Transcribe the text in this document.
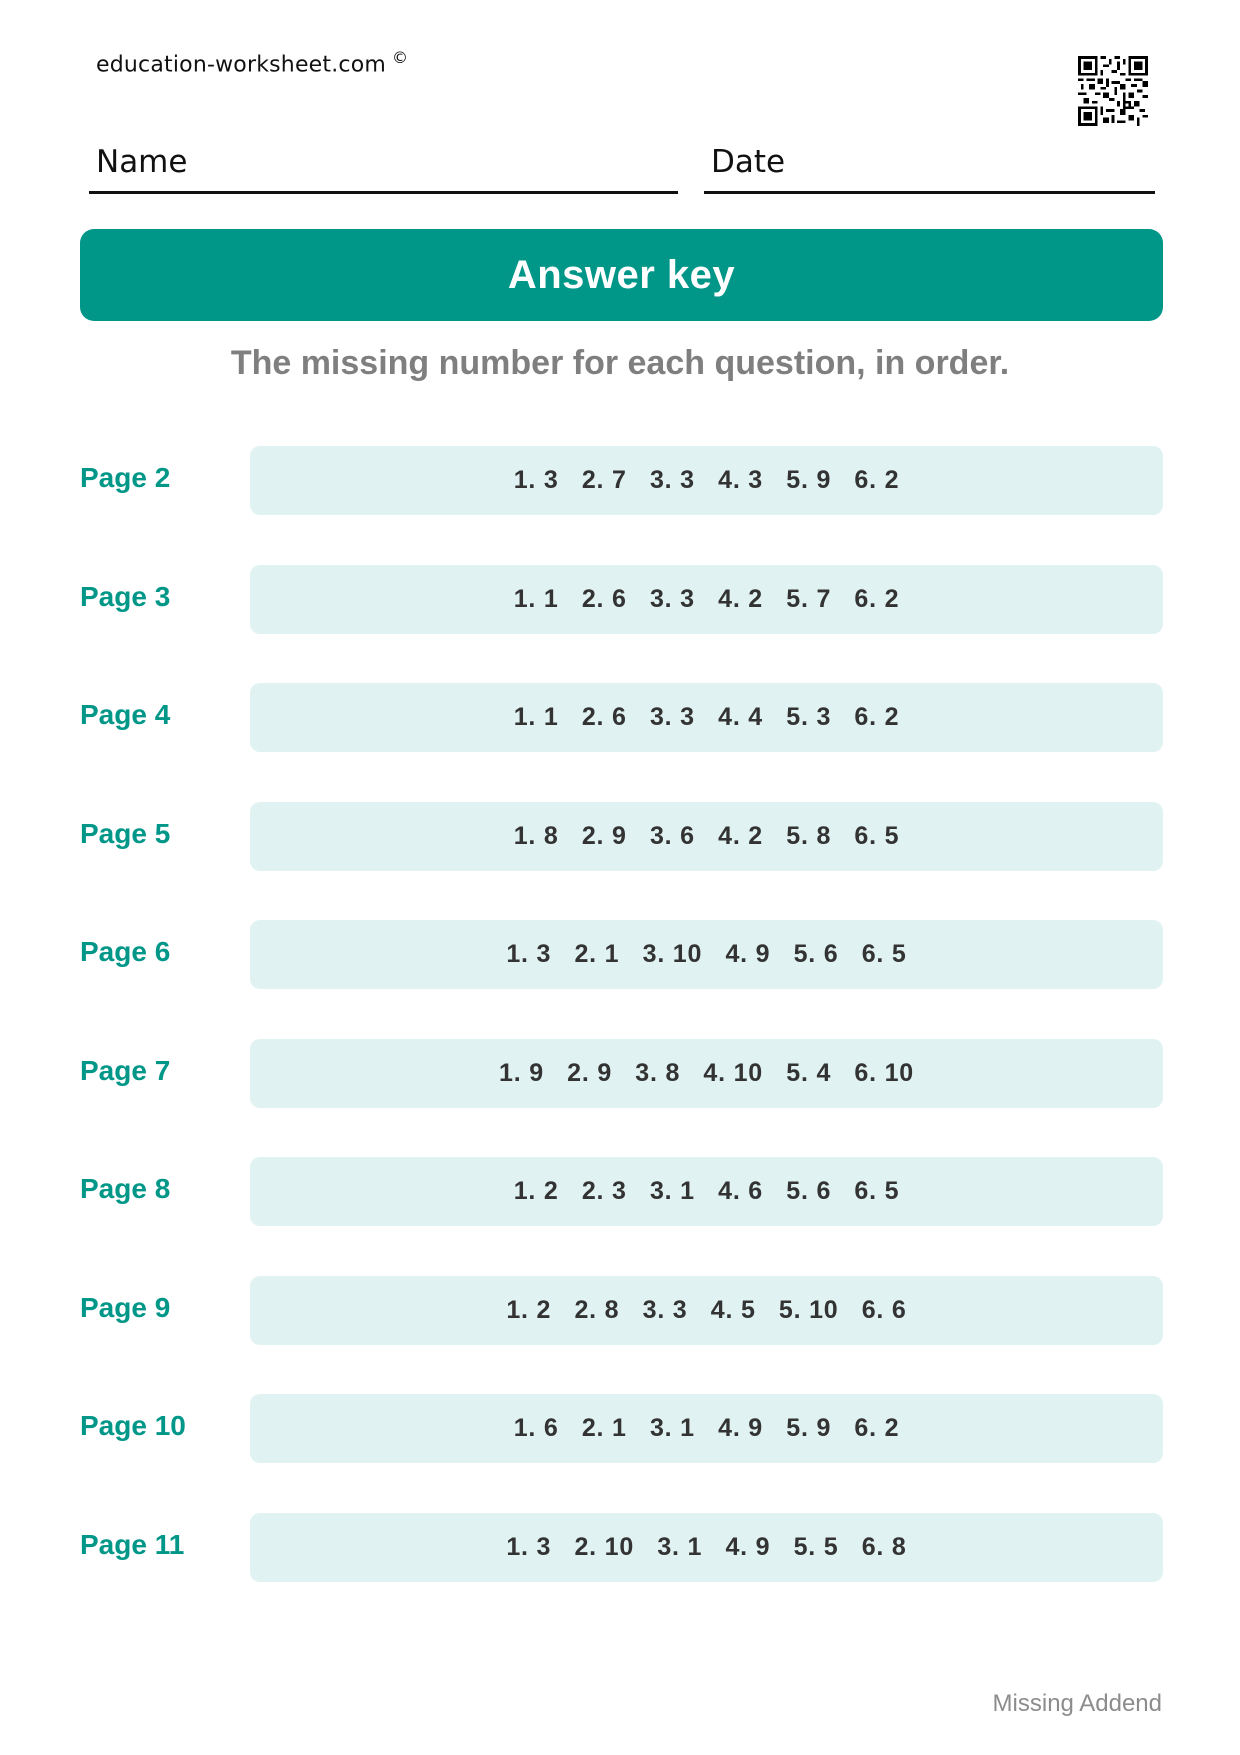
education-worksheet.com ©
Name	Date
Answer key
The missing number for each question, in order.
Page 2	1. 3   2. 7   3. 3   4. 3   5. 9   6. 2
Page 3	1. 1   2. 6   3. 3   4. 2   5. 7   6. 2
Page 4	1. 1   2. 6   3. 3   4. 4   5. 3   6. 2
Page 5	1. 8   2. 9   3. 6   4. 2   5. 8   6. 5
Page 6	1. 3   2. 1   3. 10   4. 9   5. 6   6. 5
Page 7	1. 9   2. 9   3. 8   4. 10   5. 4   6. 10
Page 8	1. 2   2. 3   3. 1   4. 6   5. 6   6. 5
Page 9	1. 2   2. 8   3. 3   4. 5   5. 10   6. 6
Page 10	1. 6   2. 1   3. 1   4. 9   5. 9   6. 2
Page 11	1. 3   2. 10   3. 1   4. 9   5. 5   6. 8
Missing Addend
